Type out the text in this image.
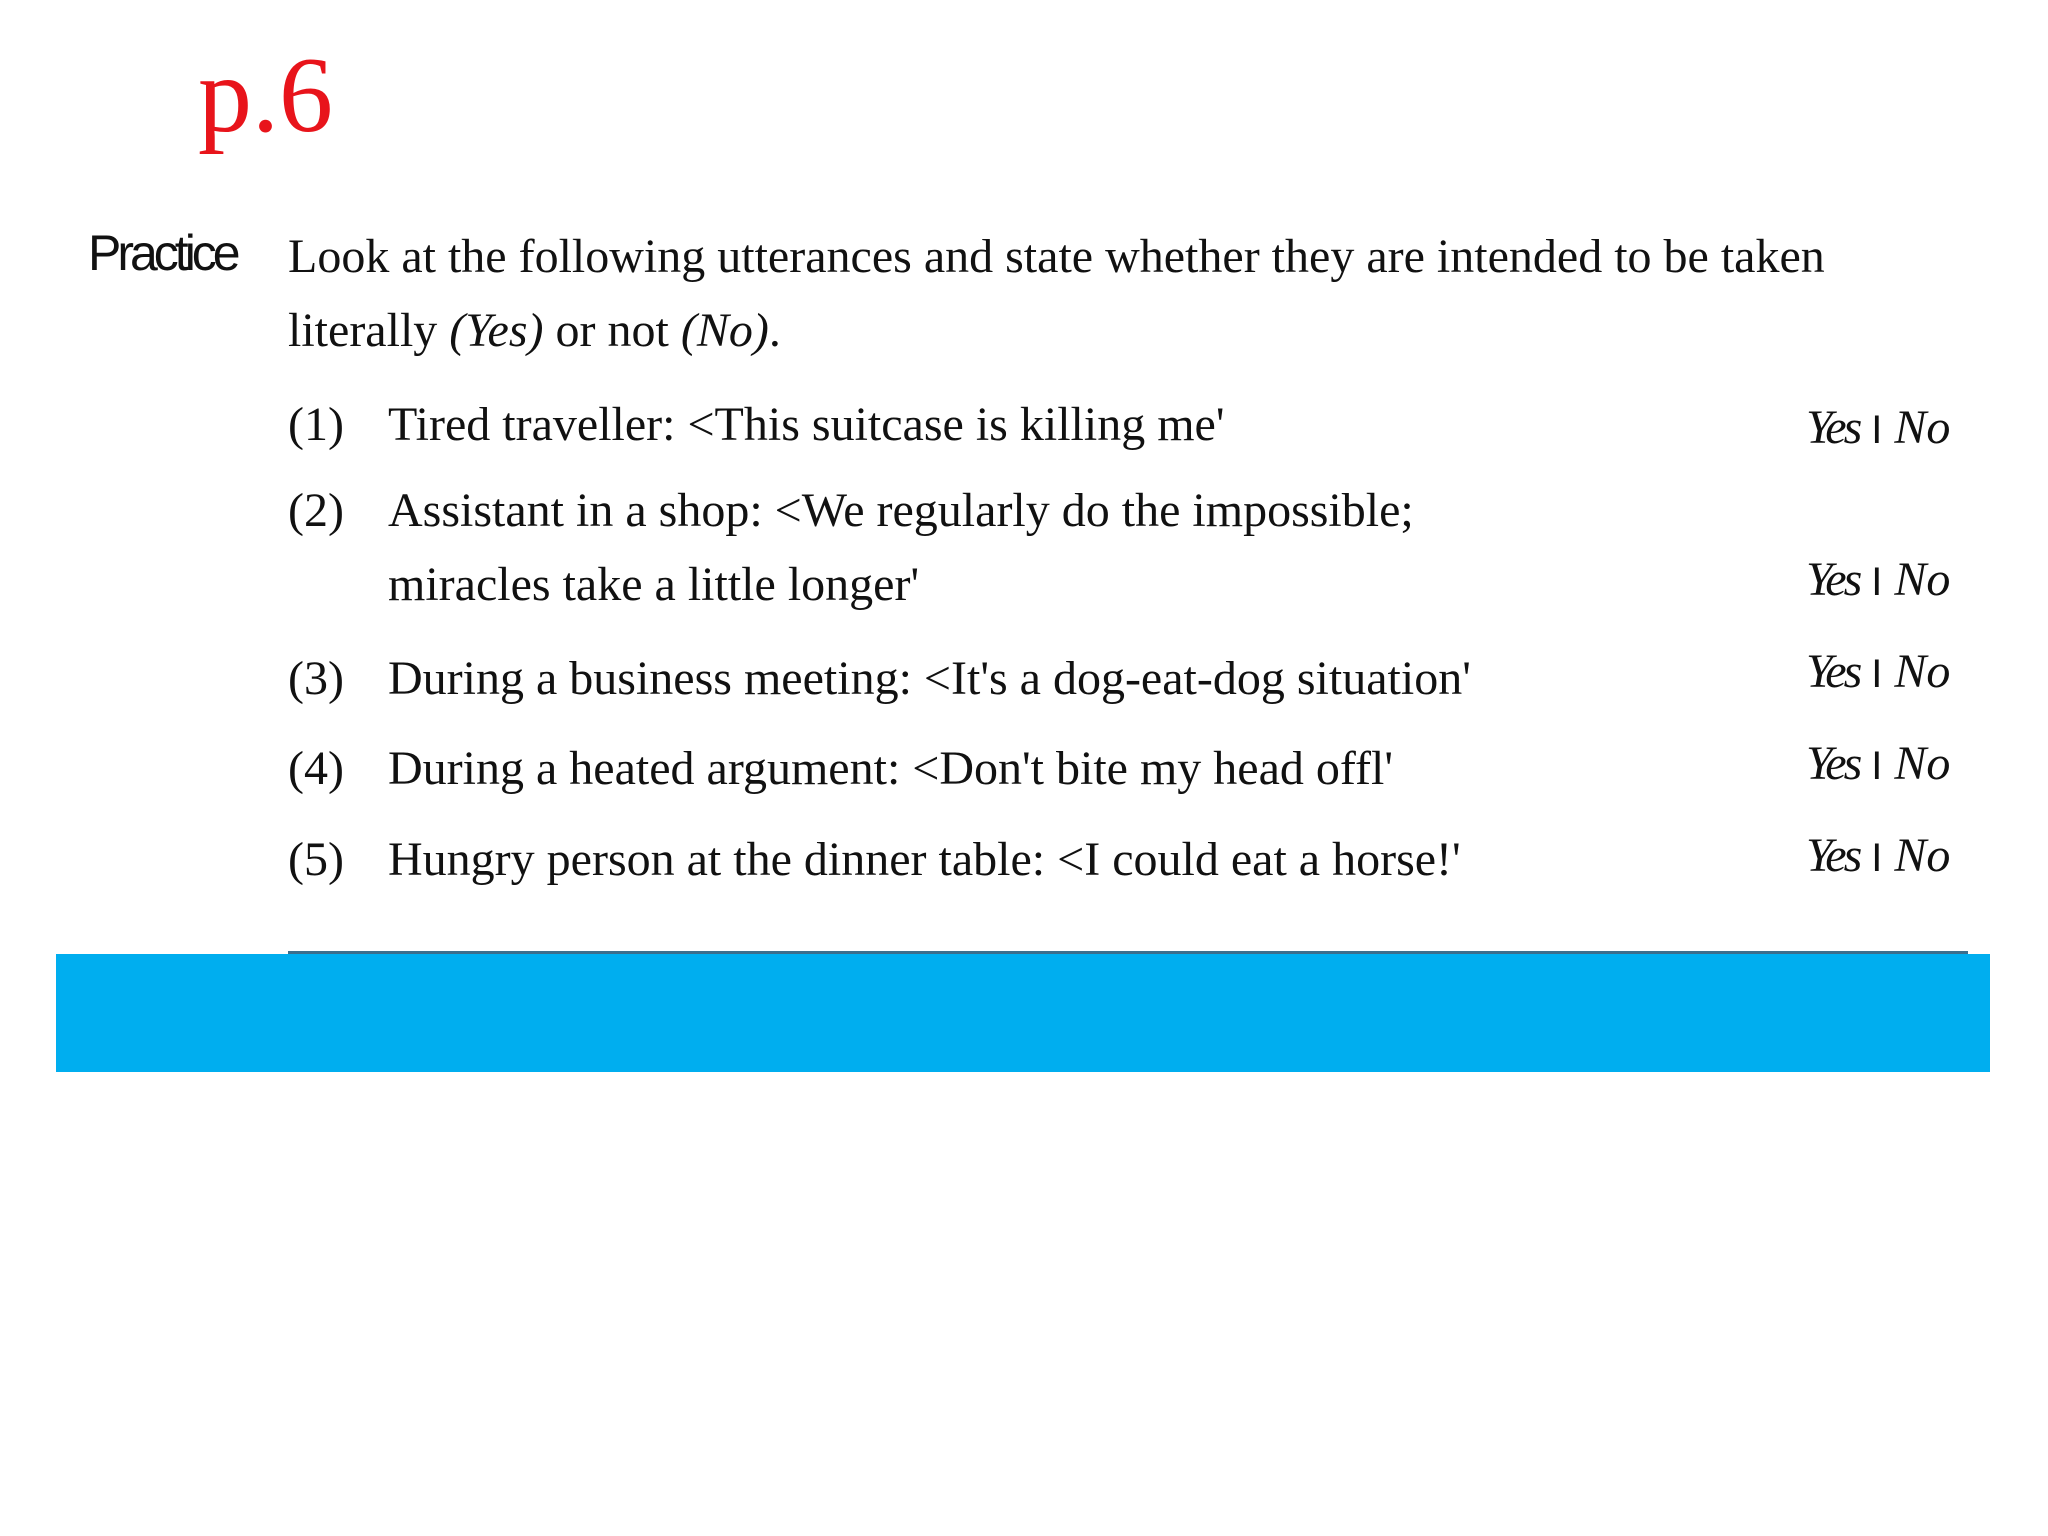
p.6
Practice Look at the following utterances and state whether they are intended to be taken literally (Yes) or not (No).
(1) Tired traveller: <This suitcase is killing me'	Yes I No
(2) Assistant in a shop: <We regularly do the impossible;
miracles take a little longer'	Yes I No
(3) During a business meeting: <It's a dog-eat-dog situation'	Yes I No
(4) During a heated argument: <Don't bite my head offl'	Yes I No
(5) Hungry person at the dinner table: <I could eat a horse!'	Yes I No
